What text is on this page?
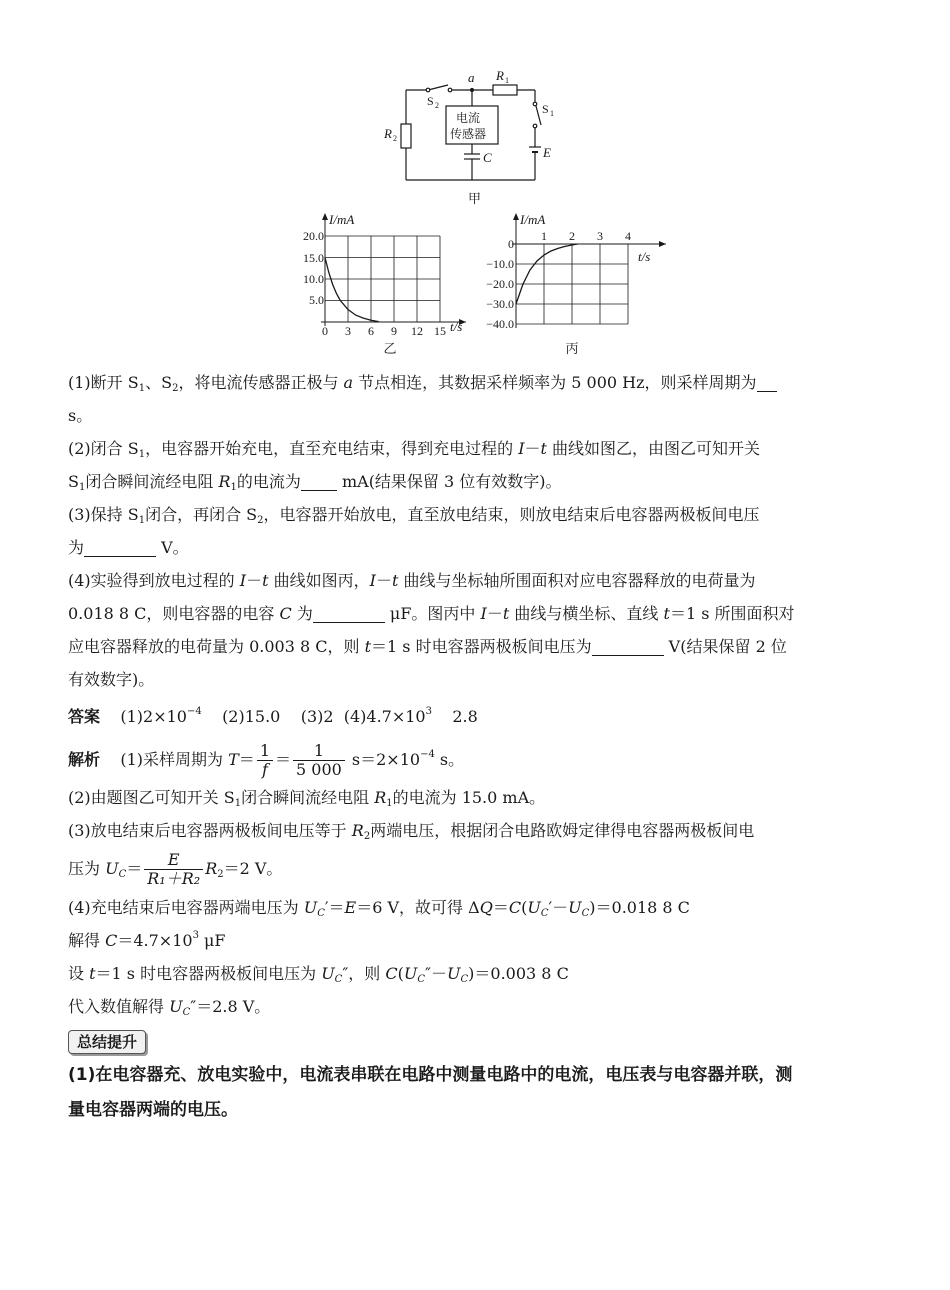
a R 1
S 2	S 1
R 2
C	E
电流
传感器
甲
I/mA
t/s
0 3 6 9 12 15
20.0
15.0
10.0
5.0
乙
I/mA
t/s
1 2 3 4
0
−10.0
−20.0
−30.0
−40.0
丙

(1)断开 $S_1$、$S_2$，将电流传感器正极与 a 节点相连，其数据采样频率为 5 000 Hz，则采样周期为
s。

(2)闭合 $S_1$，电容器开始充电，直至充电结束，得到充电过程的 I－t 曲线如图乙，由图乙可知开关
$S_1$闭合瞬间流经电阻 $R_1$的电流为 mA(结果保留 3 位有效数字)。

(3)保持 $S_1$闭合，再闭合 $S_2$，电容器开始放电，直至放电结束，则放电结束后电容器两极板间电压
为	V。

(4)实验得到放电过程的 I－t 曲线如图丙，I－t 曲线与坐标轴所围面积对应电容器释放的电荷量为
0.018 8 C，则电容器的电容 C 为	μF。图丙中 I－t 曲线与横坐标、直线 t＝1 s 所围面积对
应电容器释放的电荷量为 0.003 8 C，则 t＝1 s 时电容器两极板间电压为	V(结果保留 2 位
有效数字)。

答案 $(1)2\times 10^{-4}$ (2)15.0 (3)2 $(4)4.7\times 10^3$ 2.8

解析 (1)采样周期为 $T= \frac{1}{f} = \frac{1}{5 000} s=2\times 10^{-4}$ s。

(2)由题图乙可知开关 $S_1$闭合瞬间流经电阻 $R_1$的电流为 15.0 mA。

(3)放电结束后电容器两极板间电压等于 $R_2$两端电压，根据闭合电路欧姆定律得电容器两极板间电

压为 $U_C= \frac{E}{\text{R₁＋R₂}} R_2=2$ V。

(4)充电结束后电容器两端电压为 $U_C'=E=6$ V，故可得 $\Delta Q=C(U_C'-U_C)=0.018$ 8 C

解得 $C=4.7\times 10^3$ μF

设 t＝1 s 时电容器两极板间电压为 $U_C''$，则 $C(U_C''-U_C)=0.003$ 8 C

代入数值解得 $U_C''=2.8$ V。

总结提升

(1)在电容器充、放电实验中，电流表串联在电路中测量电路中的电流，电压表与电容器并联，测
量电容器两端的电压。
